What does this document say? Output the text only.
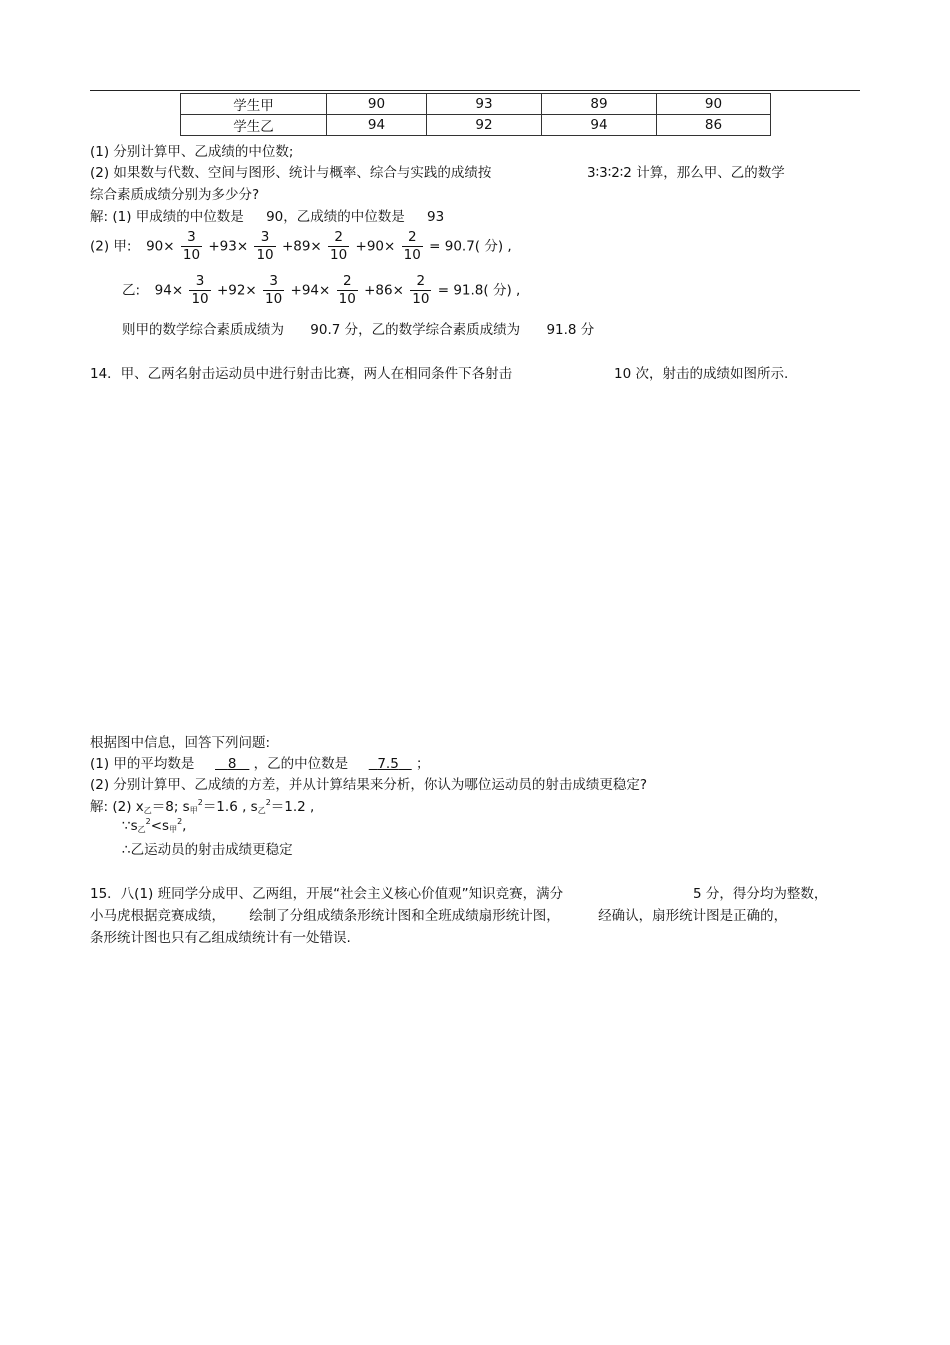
学生甲	90	93	89	90
学生乙	94	92	94	86
(1) 分别计算甲、乙成绩的中位数;
(2) 如果数与代数、空间与图形、统计与概率、综合与实践的成绩按	3∶3∶2∶2 计算，那么甲、乙的数学
综合素质成绩分别为多少分?
解: (1) 甲成绩的中位数是 90，乙成绩的中位数是 93
(2) 甲: $90\times \frac{3}{10} +93\times \frac{3}{10} +89\times \frac{2}{10} +90\times \frac{2}{10} = 90.7$( 分) ,
乙: $94\times \frac{3}{10} +92\times \frac{3}{10} +94\times \frac{2}{10} +86\times \frac{2}{10} = 91.8$( 分) ,
则甲的数学综合素质成绩为 90.7 分，乙的数学综合素质成绩为 91.8 分
14．甲、乙两名射击运动员中进行射击比赛，两人在相同条件下各射击	10 次，射击的成绩如图所示.
根据图中信息，回答下列问题:
(1) 甲的平均数是 8 ，乙的中位数是 7.5 ；
(2) 分别计算甲、乙成绩的方差，并从计算结果来分析，你认为哪位运动员的射击成绩更稳定?
解: (2) $x_乙=8$; $s_甲^2=1.6$ , $s_乙^2=1.2$ ,
$\because s_乙^2<s_甲^2$,
∴乙运动员的射击成绩更稳定
15．八(1) 班同学分成甲、乙两组，开展“社会主义核心价值观”知识竞赛，满分	5 分，得分均为整数，
小马虎根据竞赛成绩， 绘制了分组成绩条形统计图和全班成绩扇形统计图，	经确认，扇形统计图是正确的，
条形统计图也只有乙组成绩统计有一处错误.
